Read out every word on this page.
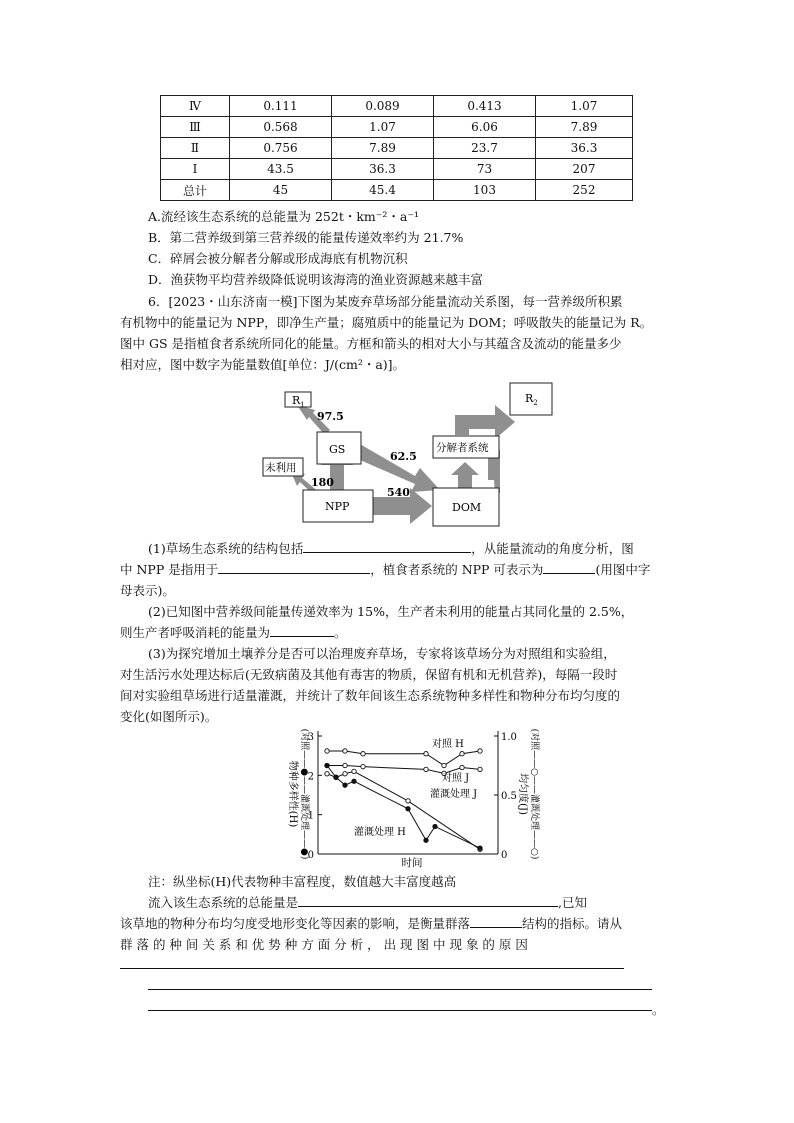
Ⅳ	0.111	0.089	0.413	1.07
Ⅲ	0.568	1.07	6.06	7.89
Ⅱ	0.756	7.89	23.7	36.3
Ⅰ	43.5	36.3	73	207
总计	45	45.4	103	252
A.流经该生态系统的总能量为 252t・km⁻²・a⁻¹
B．第二营养级到第三营养级的能量传递效率约为 21.7%
C．碎屑会被分解者分解或形成海底有机物沉积
D．渔获物平均营养级降低说明该海湾的渔业资源越来越丰富
6．[2023・山东济南一模]下图为某废弃草场部分能量流动关系图，每一营养级所积累
有机物中的能量记为 NPP，即净生产量；腐殖质中的能量记为 DOM；呼吸散失的能量记为 R。
图中 GS 是指植食者系统所同化的能量。方框和箭头的相对大小与其蕴含及流动的能量多少
相对应，图中数字为能量数值[单位：J/(cm²・a)]。
$R_1$	$R_2$
GS
未利用
NPP
分解者系统
DOM
97.5
62.5
180
540
(1)草场生态系统的结构包括	，从能量流动的角度分析，图
中 NPP 是指用于	，植食者系统的 NPP 可表示为	(用图中字
母表示)。
(2)已知图中营养级间能量传递效率为 15%，生产者未利用的能量占其同化量的 2.5%，
则生产者呼吸消耗的能量为	。
(3)为探究增加土壤养分是否可以治理废弃草场，专家将该草场分为对照组和实验组，
对生活污水处理达标后(无致病菌及其他有毒害的物质，保留有机和无机营养)，每隔一段时
间对实验组草场进行适量灌溉，并统计了数年间该生态系统物种多样性和物种分布均匀度的
变化(如图所示)。
0
1
2
3
0
0.5
1.0
时间
物种多样性(H) (对照——●——灌溉处理——●)	均匀度(J) (对照——○——灌溉处理——○)
对照 H
对照 J
灌溉处理 J
灌溉处理 H
注：纵坐标(H)代表物种丰富程度，数值越大丰富度越高
流入该生态系统的总能量是	,已知
该草地的物种分布均匀度受地形变化等因素的影响，是衡量群落	结构的指标。请从
群 落 的 种 间 关 系 和 优 势 种 方 面 分 析 ， 出 现 图 中 现 象 的 原 因
。
